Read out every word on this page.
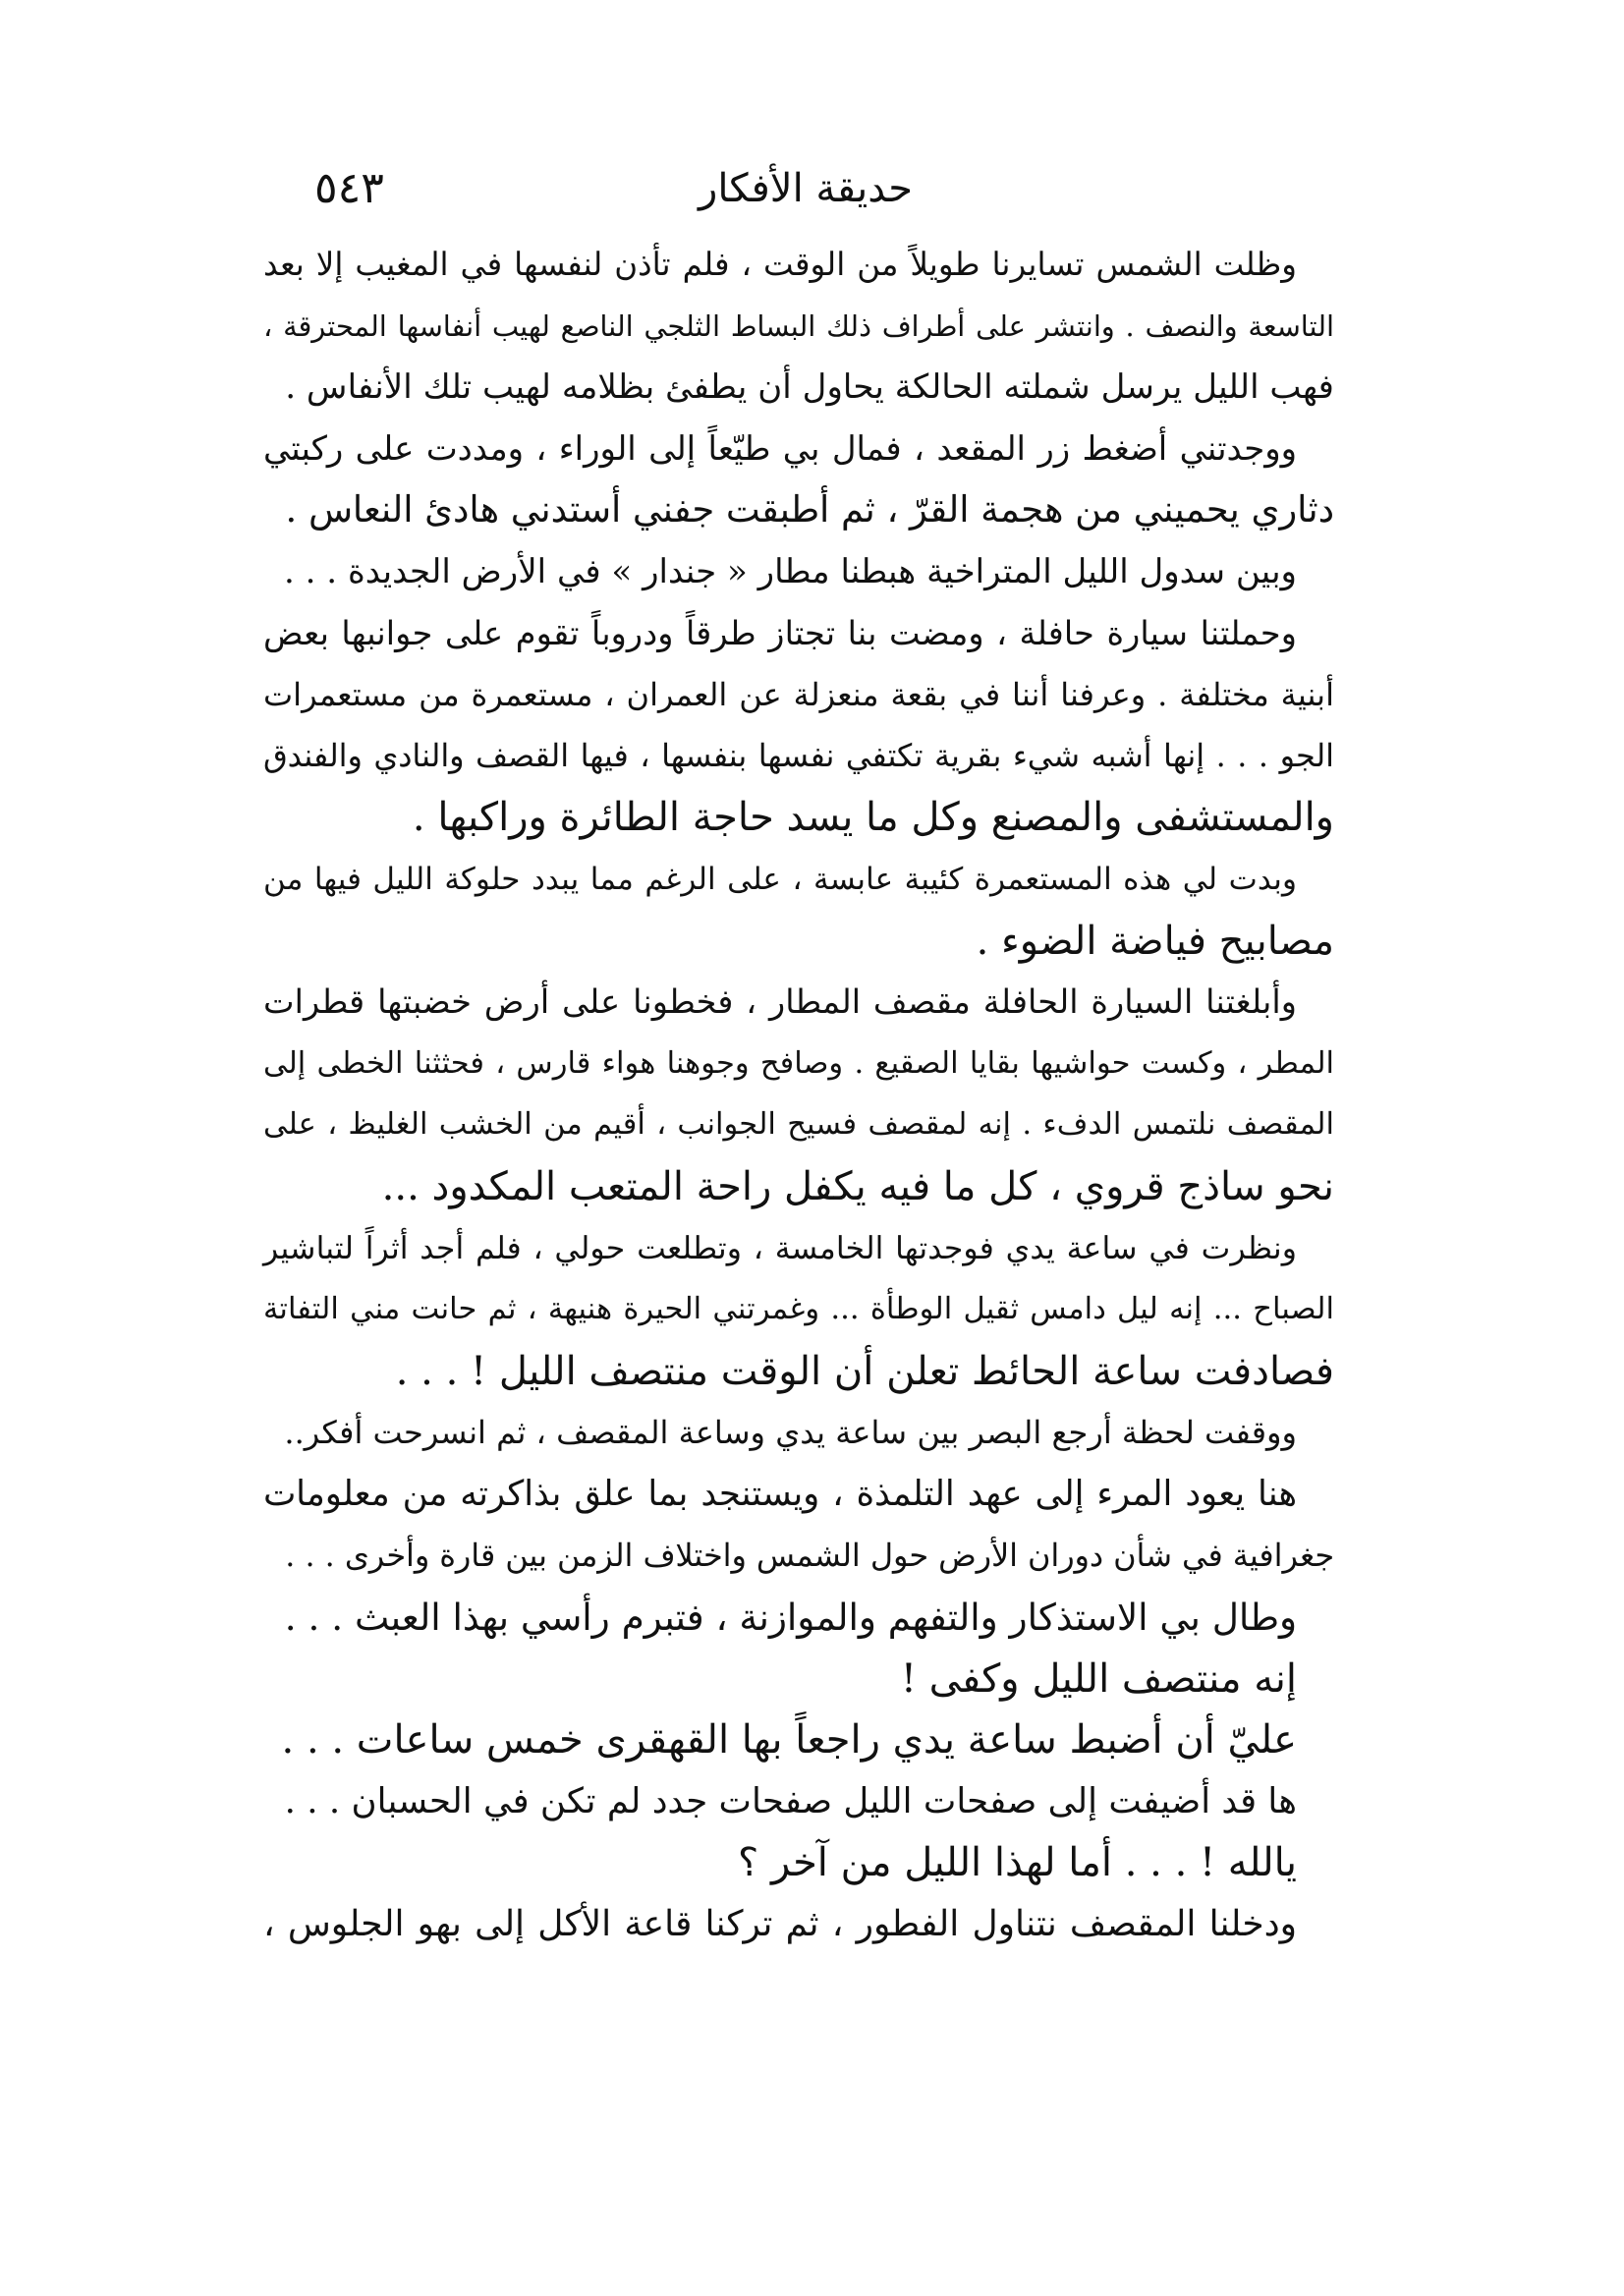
حديقة الأفكار
٥٤٣
وظلت الشمس تسايرنا طويلاً من الوقت ، فلم تأذن لنفسها في المغيب إلا بعد
التاسعة والنصف . وانتشر على أطراف ذلك البساط الثلجي الناصع لهيب أنفاسها المحترقة ،
فهب الليل يرسل شملته الحالكة يحاول أن يطفئ بظلامه لهيب تلك الأنفاس .
ووجدتني أضغط زر المقعد ، فمال بي طيّعاً إلى الوراء ، ومددت على ركبتي
دثاري يحميني من هجمة القرّ ، ثم أطبقت جفني أستدني هادئ النعاس .
وبين سدول الليل المتراخية هبطنا مطار « جندار » في الأرض الجديدة . . .
وحملتنا سيارة حافلة ، ومضت بنا تجتاز طرقاً ودروباً تقوم على جوانبها بعض
أبنية مختلفة . وعرفنا أننا في بقعة منعزلة عن العمران ، مستعمرة من مستعمرات
الجو . . . إنها أشبه شيء بقرية تكتفي نفسها بنفسها ، فيها القصف والنادي والفندق
والمستشفى والمصنع وكل ما يسد حاجة الطائرة وراكبها .
وبدت لي هذه المستعمرة كئيبة عابسة ، على الرغم مما يبدد حلوكة الليل فيها من
مصابيح فياضة الضوء .
وأبلغتنا السيارة الحافلة مقصف المطار ، فخطونا على أرض خضبتها قطرات
المطر ، وكست حواشيها بقايا الصقيع . وصافح وجوهنا هواء قارس ، فحثثنا الخطى إلى
المقصف نلتمس الدفء . إنه لمقصف فسيح الجوانب ، أقيم من الخشب الغليظ ، على
نحو ساذج قروي ، كل ما فيه يكفل راحة المتعب المكدود ...
ونظرت في ساعة يدي فوجدتها الخامسة ، وتطلعت حولي ، فلم أجد أثراً لتباشير
الصباح ... إنه ليل دامس ثقيل الوطأة ... وغمرتني الحيرة هنيهة ، ثم حانت مني التفاتة
فصادفت ساعة الحائط تعلن أن الوقت منتصف الليل ! . . .
ووقفت لحظة أرجع البصر بين ساعة يدي وساعة المقصف ، ثم انسرحت أفكر..
هنا يعود المرء إلى عهد التلمذة ، ويستنجد بما علق بذاكرته من معلومات
جغرافية في شأن دوران الأرض حول الشمس واختلاف الزمن بين قارة وأخرى . . .
وطال بي الاستذكار والتفهم والموازنة ، فتبرم رأسي بهذا العبث . . .
إنه منتصف الليل وكفى !
عليّ أن أضبط ساعة يدي راجعاً بها القهقرى خمس ساعات . . .
ها قد أضيفت إلى صفحات الليل صفحات جدد لم تكن في الحسبان . . .
يالله ! . . . أما لهذا الليل من آخر ؟
ودخلنا المقصف نتناول الفطور ، ثم تركنا قاعة الأكل إلى بهو الجلوس ،
